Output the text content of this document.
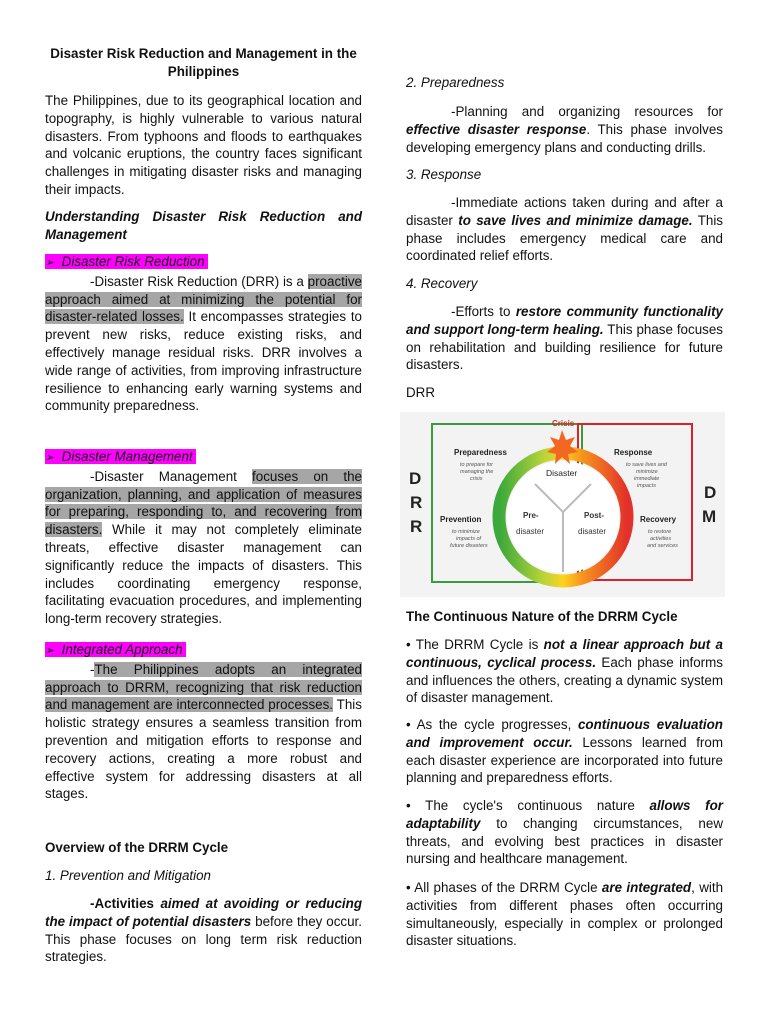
Disaster Risk Reduction and Management in the Philippines

The Philippines, due to its geographical location and topography, is highly vulnerable to various natural disasters. From typhoons and floods to earthquakes and volcanic eruptions, the country faces significant challenges in mitigating disaster risks and managing their impacts.

Understanding Disaster Risk Reduction and Management

➢ Disaster Risk Reduction

-Disaster Risk Reduction (DRR) is a proactive approach aimed at minimizing the potential for disaster-related losses. It encompasses strategies to prevent new risks, reduce existing risks, and effectively manage residual risks. DRR involves a wide range of activities, from improving infrastructure resilience to enhancing early warning systems and community preparedness.

➢ Disaster Management

-Disaster Management focuses on the organization, planning, and application of measures for preparing, responding to, and recovering from disasters. While it may not completely eliminate threats, effective disaster management can significantly reduce the impacts of disasters. This includes coordinating emergency response, facilitating evacuation procedures, and implementing long-term recovery strategies.

➢ Integrated Approach

-The Philippines adopts an integrated approach to DRRM, recognizing that risk reduction and management are interconnected processes. This holistic strategy ensures a seamless transition from prevention and mitigation efforts to response and recovery actions, creating a more robust and effective system for addressing disasters at all stages.

Overview of the DRRM Cycle

1. Prevention and Mitigation

-Activities aimed at avoiding or reducing the impact of potential disasters before they occur. This phase focuses on long term risk reduction strategies.

2. Preparedness

-Planning and organizing resources for effective disaster response. This phase involves developing emergency plans and conducting drills.

3. Response

-Immediate actions taken during and after a disaster to save lives and minimize damage. This phase includes emergency medical care and coordinated relief efforts.

4. Recovery

-Efforts to restore community functionality and support long-term healing. This phase focuses on rehabilitation and building resilience for future disasters.

DRR

Crisis
Disaster
Pre-
disaster
Post-
disaster
Preparedness
to prepare for
managing the
crisis
Response
to save lives and
minimize
immediate
impacts
Prevention
to minimize
impacts of
future disasters
Recovery
to restore
activities
and services
D
R
R
D
M

The Continuous Nature of the DRRM Cycle

• The DRRM Cycle is not a linear approach but a continuous, cyclical process. Each phase informs and influences the others, creating a dynamic system of disaster management.

• As the cycle progresses, continuous evaluation and improvement occur. Lessons learned from each disaster experience are incorporated into future planning and preparedness efforts.

• The cycle's continuous nature allows for adaptability to changing circumstances, new threats, and evolving best practices in disaster nursing and healthcare management.

• All phases of the DRRM Cycle are integrated, with activities from different phases often occurring simultaneously, especially in complex or prolonged disaster situations.
